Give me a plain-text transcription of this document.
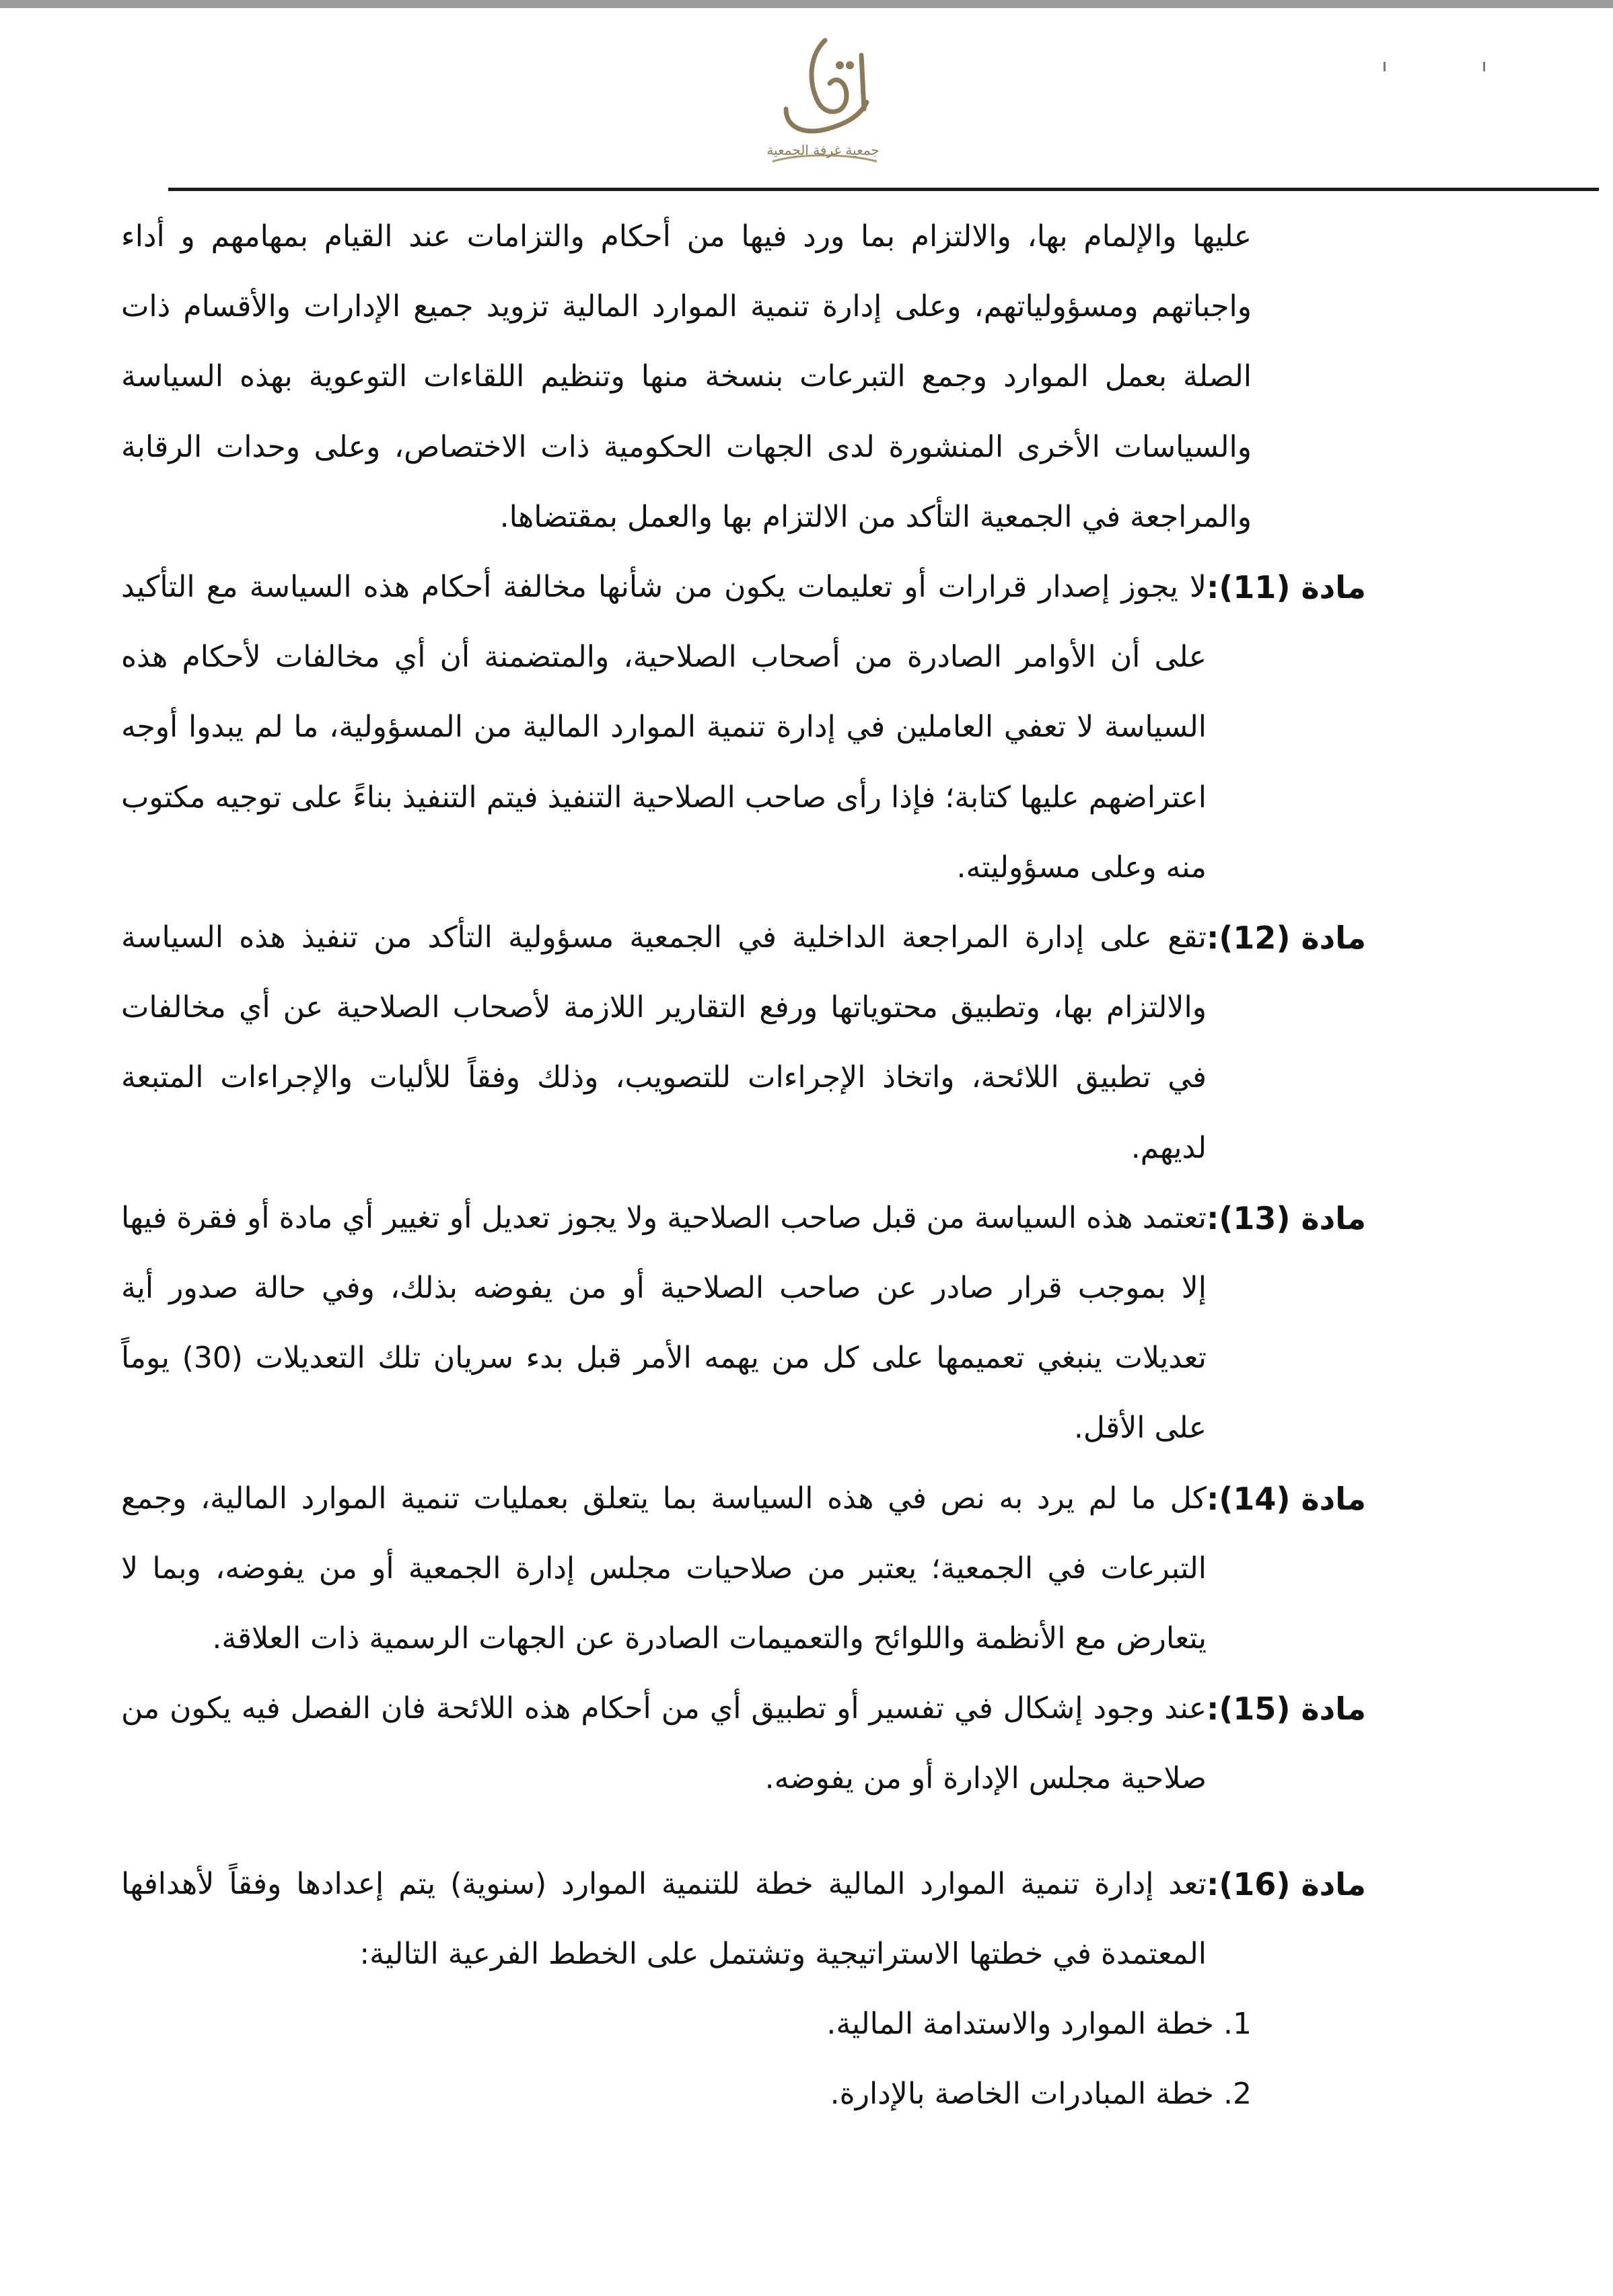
جمعية غرفة الجمعية

عليها والإلمام بها، والالتزام بما ورد فيها من أحكام والتزامات عند القيام بمهامهم و أداء واجباتهم ومسؤولياتهم، وعلى إدارة تنمية الموارد المالية تزويد جميع الإدارات والأقسام ذات الصلة بعمل الموارد وجمع التبرعات بنسخة منها وتنظيم اللقاءات التوعوية بهذه السياسة والسياسات الأخرى المنشورة لدى الجهات الحكومية ذات الاختصاص، وعلى وحدات الرقابة والمراجعة في الجمعية التأكد من الالتزام بها والعمل بمقتضاها.

مادة (11):
لا يجوز إصدار قرارات أو تعليمات يكون من شأنها مخالفة أحكام هذه السياسة مع التأكيد على أن الأوامر الصادرة من أصحاب الصلاحية، والمتضمنة أن أي مخالفات لأحكام هذه السياسة لا تعفي العاملين في إدارة تنمية الموارد المالية من المسؤولية، ما لم يبدوا أوجه اعتراضهم عليها كتابة؛ فإذا رأى صاحب الصلاحية التنفيذ فيتم التنفيذ بناءً على توجيه مكتوب منه وعلى مسؤوليته.
مادة (12):
تقع على إدارة المراجعة الداخلية في الجمعية مسؤولية التأكد من تنفيذ هذه السياسة والالتزام بها، وتطبيق محتوياتها ورفع التقارير اللازمة لأصحاب الصلاحية عن أي مخالفات في تطبيق اللائحة، واتخاذ الإجراءات للتصويب، وذلك وفقاً للأليات والإجراءات المتبعة لديهم.
مادة (13):
تعتمد هذه السياسة من قبل صاحب الصلاحية ولا يجوز تعديل أو تغيير أي مادة أو فقرة فيها إلا بموجب قرار صادر عن صاحب الصلاحية أو من يفوضه بذلك، وفي حالة صدور أية تعديلات ينبغي تعميمها على كل من يهمه الأمر قبل بدء سريان تلك التعديلات (30) يوماً على الأقل.
مادة (14):
كل ما لم يرد به نص في هذه السياسة بما يتعلق بعمليات تنمية الموارد المالية، وجمع التبرعات في الجمعية؛ يعتبر من صلاحيات مجلس إدارة الجمعية أو من يفوضه، وبما لا يتعارض مع الأنظمة واللوائح والتعميمات الصادرة عن الجهات الرسمية ذات العلاقة.
مادة (15):
عند وجود إشكال في تفسير أو تطبيق أي من أحكام هذه اللائحة فان الفصل فيه يكون من صلاحية مجلس الإدارة أو من يفوضه.
مادة (16):
تعد إدارة تنمية الموارد المالية خطة للتنمية الموارد (سنوية) يتم إعدادها وفقاً لأهدافها المعتمدة في خطتها الاستراتيجية وتشتمل على الخطط الفرعية التالية:
1.
خطة الموارد والاستدامة المالية.
2.
خطة المبادرات الخاصة بالإدارة.
